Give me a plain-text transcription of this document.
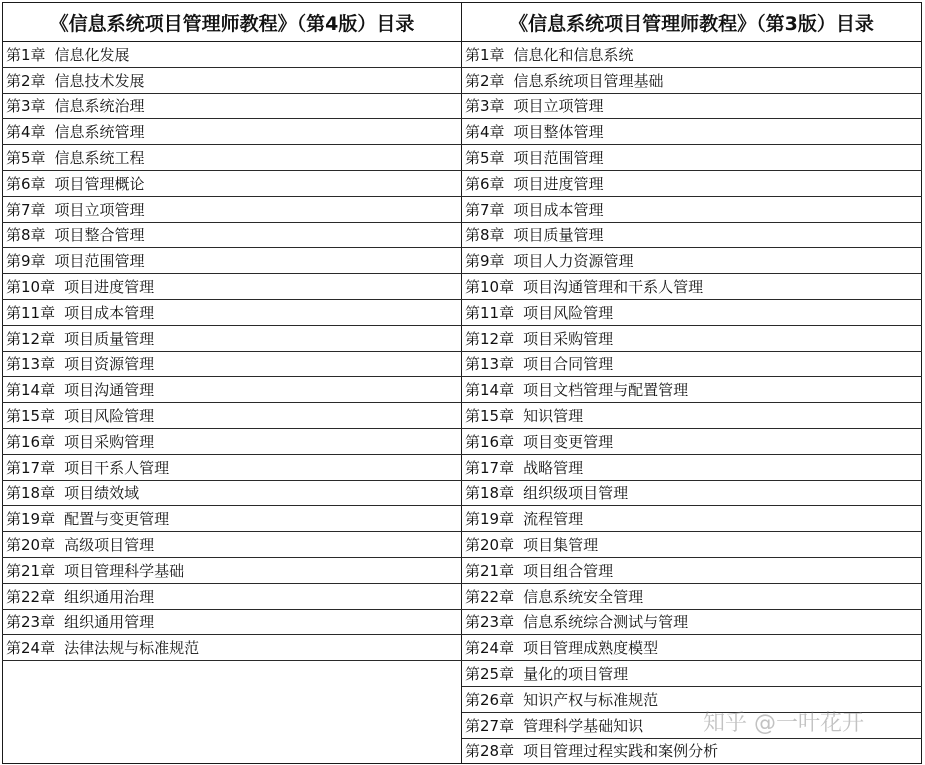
《信息系统项目管理师教程》（第4版）目录	《信息系统项目管理师教程》（第3版）目录
第1章 信息化发展	第1章 信息化和信息系统
第2章 信息技术发展	第2章 信息系统项目管理基础
第3章 信息系统治理	第3章 项目立项管理
第4章 信息系统管理	第4章 项目整体管理
第5章 信息系统工程	第5章 项目范围管理
第6章 项目管理概论	第6章 项目进度管理
第7章 项目立项管理	第7章 项目成本管理
第8章 项目整合管理	第8章 项目质量管理
第9章 项目范围管理	第9章 项目人力资源管理
第10章 项目进度管理	第10章 项目沟通管理和干系人管理
第11章 项目成本管理	第11章 项目风险管理
第12章 项目质量管理	第12章 项目采购管理
第13章 项目资源管理	第13章 项目合同管理
第14章 项目沟通管理	第14章 项目文档管理与配置管理
第15章 项目风险管理	第15章 知识管理
第16章 项目采购管理	第16章 项目变更管理
第17章 项目干系人管理	第17章 战略管理
第18章 项目绩效域	第18章 组织级项目管理
第19章 配置与变更管理	第19章 流程管理
第20章 高级项目管理	第20章 项目集管理
第21章 项目管理科学基础	第21章 项目组合管理
第22章 组织通用治理	第22章 信息系统安全管理
第23章 组织通用管理	第23章 信息系统综合测试与管理
第24章 法律法规与标准规范	第24章 项目管理成熟度模型
	第25章 量化的项目管理
	第26章 知识产权与标准规范
	第27章 管理科学基础知识
	第28章 项目管理过程实践和案例分析
知乎 @一叶花开
